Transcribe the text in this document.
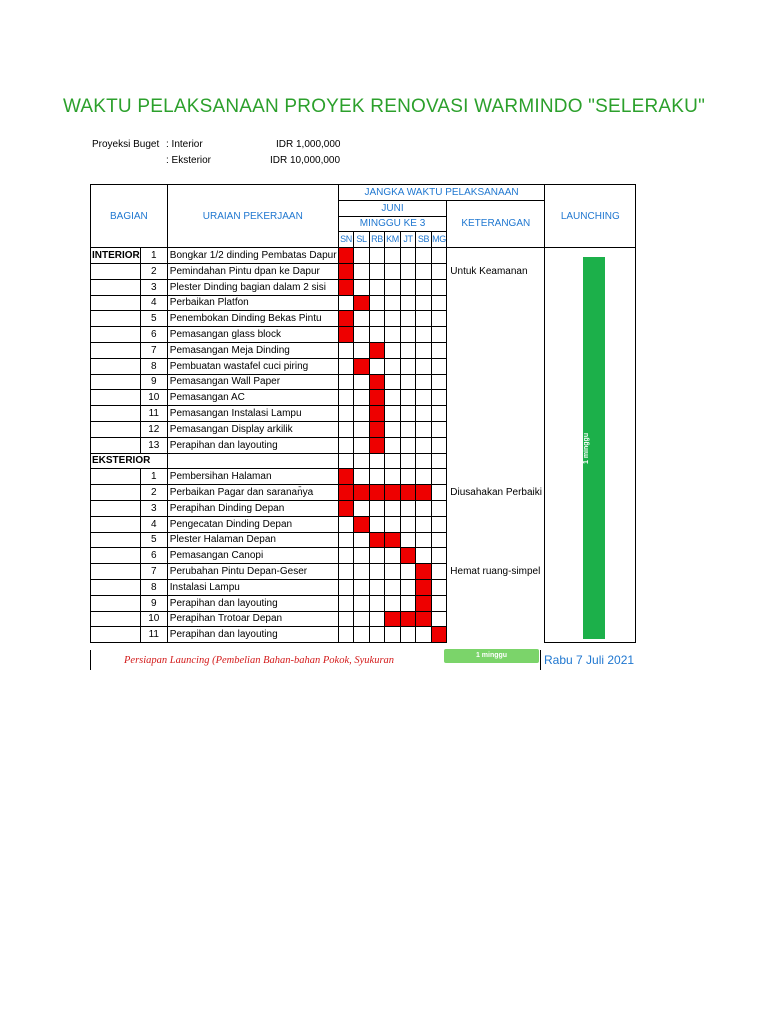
WAKTU PELAKSANAAN PROYEK RENOVASI WARMINDO "SELERAKU"
Proyeksi Buget : Interior	IDR 1,000,000
: Eksterior	IDR 10,000,000
BAGIAN		URAIAN PEKERJAAN	JANGKA WAKTU PELAKSANAAN								LAUNCHING
			JUNI							KETERANGAN	
			MINGGU KE 3								
			SN	SL	RB	KM	JT	SB	MG		
INTERIOR	1	Bongkar 1/2 dinding Pembatas Dapur									
	2	Pemindahan Pintu dpan ke Dapur								Untuk Keamanan	
	3	Plester Dinding bagian dalam 2 sisi									
	4	Perbaikan Platfon									
	5	Penembokan Dinding Bekas Pintu									
	6	Pemasangan glass block									
	7	Pemasangan Meja Dinding									
	8	Pembuatan wastafel cuci piring									
	9	Pemasangan Wall Paper									
	10	Pemasangan AC									
	11	Pemasangan Instalasi Lampu									
	12	Pemasangan Display arkilik									
	13	Perapihan dan layouting									
EKSTERIOR											
	1	Pembersihan Halaman									
	2	Perbaikan Pagar dan saranan̄ya								Diusahakan Perbaiki	
	3	Perapihan Dinding Depan									
	4	Pengecatan Dinding Depan									
	5	Plester Halaman Depan									
	6	Pemasangan Canopi									
	7	Perubahan Pintu Depan-Geser								Hemat ruang-simpel	
	8	Instalasi Lampu									
	9	Perapihan dan layouting									
	10	Perapihan Trotoar Depan									
	11	Perapihan dan layouting									
1 minggu
Persiapan Launcing (Pembelian Bahan-bahan Pokok, Syukuran	1 minggu	Rabu 7 Juli 2021
